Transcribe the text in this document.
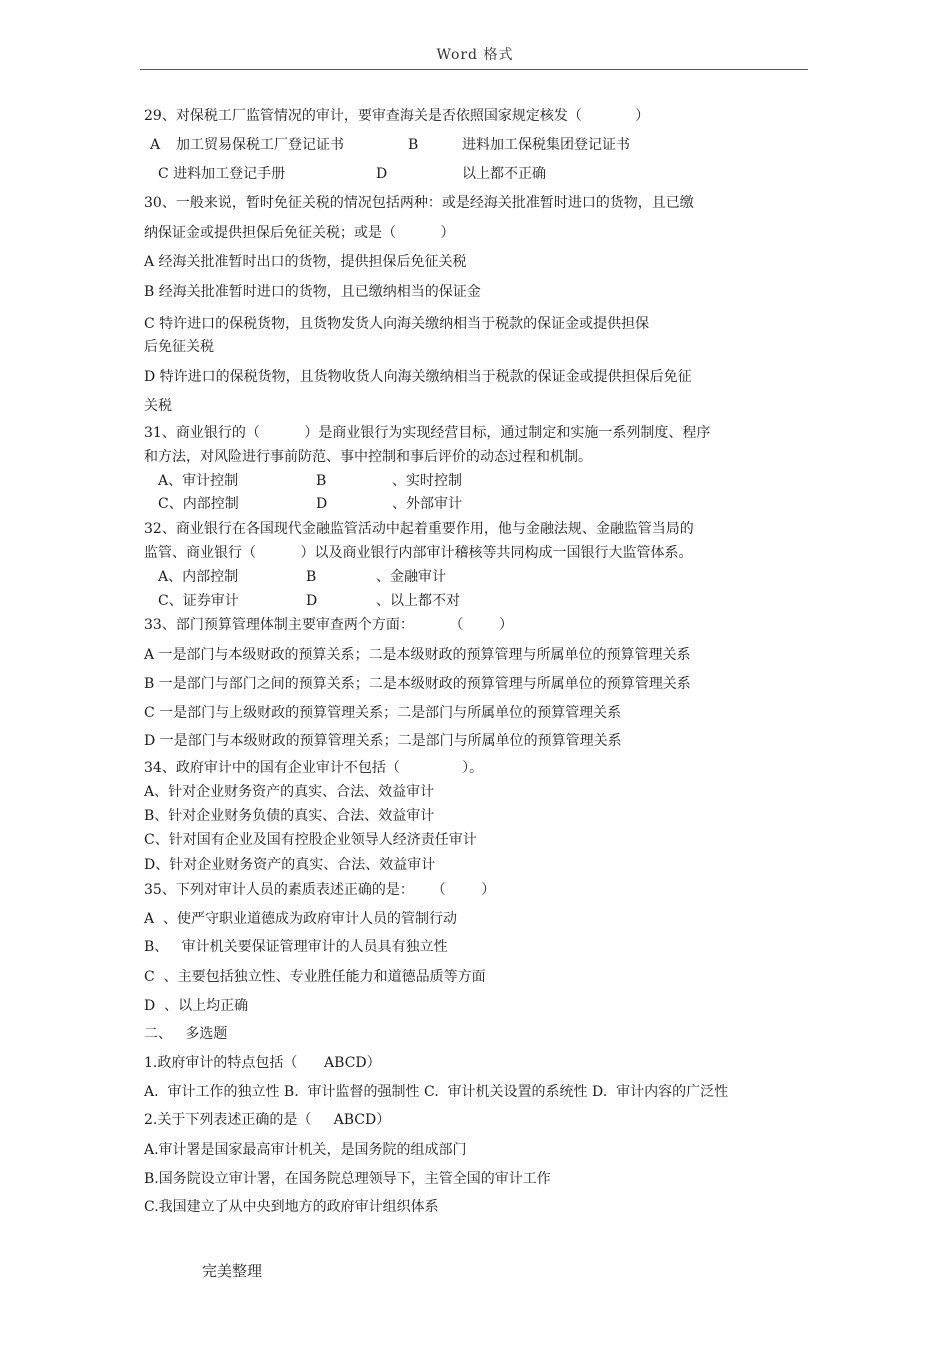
Word 格式
29、对保税工厂监管情况的审计，要审查海关是否依照国家规定核发（            ）
A 加工贸易保税工厂登记证书	B	进料加工保税集团登记证书
C 进料加工登记手册	D	以上都不正确
30、一般来说，暂时免征关税的情况包括两种：或是经海关批准暂时进口的货物，且已缴
纳保证金或提供担保后免征关税；或是（          ）
A 经海关批准暂时出口的货物，提供担保后免征关税
B 经海关批准暂时进口的货物，且已缴纳相当的保证金
C 特许进口的保税货物，且货物发货人向海关缴纳相当于税款的保证金或提供担保
后免征关税
D 特许进口的保税货物，且货物收货人向海关缴纳相当于税款的保证金或提供担保后免征
关税
31、商业银行的（          ）是商业银行为实现经营目标，通过制定和实施一系列制度、程序
和方法，对风险进行事前防范、事中控制和事后评价的动态过程和机制。
A、审计控制	B	、实时控制
C、内部控制	D	、外部审计
32、商业银行在各国现代金融监管活动中起着重要作用，他与金融法规、金融监管当局的
监管、商业银行（          ）以及商业银行内部审计稽核等共同构成一国银行大监管体系。
A、内部控制	B	、金融审计
C、证券审计	D	、以上都不对
33、部门预算管理体制主要审查两个方面：        （        ）
A 一是部门与本级财政的预算关系；二是本级财政的预算管理与所属单位的预算管理关系
B 一是部门与部门之间的预算关系；二是本级财政的预算管理与所属单位的预算管理关系
C 一是部门与上级财政的预算管理关系；二是部门与所属单位的预算管理关系
D 一是部门与本级财政的预算管理关系；二是部门与所属单位的预算管理关系
34、政府审计中的国有企业审计不包括（              ）。
A、针对企业财务资产的真实、合法、效益审计
B、针对企业财务负债的真实、合法、效益审计
C、针对国有企业及国有控股企业领导人经济责任审计
D、针对企业财务资产的真实、合法、效益审计
35、下列对审计人员的素质表述正确的是：    （        ）
A  、使严守职业道德成为政府审计人员的管制行动
B、   审计机关要保证管理审计的人员具有独立性
C  、主要包括独立性、专业胜任能力和道德品质等方面
D  、以上均正确
二、   多选题
1.政府审计的特点包括（      ABCD）
A.  审计工作的独立性 B.  审计监督的强制性 C.  审计机关设置的系统性 D.  审计内容的广泛性
2.关于下列表述正确的是（     ABCD）
A.审计署是国家最高审计机关，是国务院的组成部门
B.国务院设立审计署，在国务院总理领导下，主管全国的审计工作
C.我国建立了从中央到地方的政府审计组织体系
完美整理
